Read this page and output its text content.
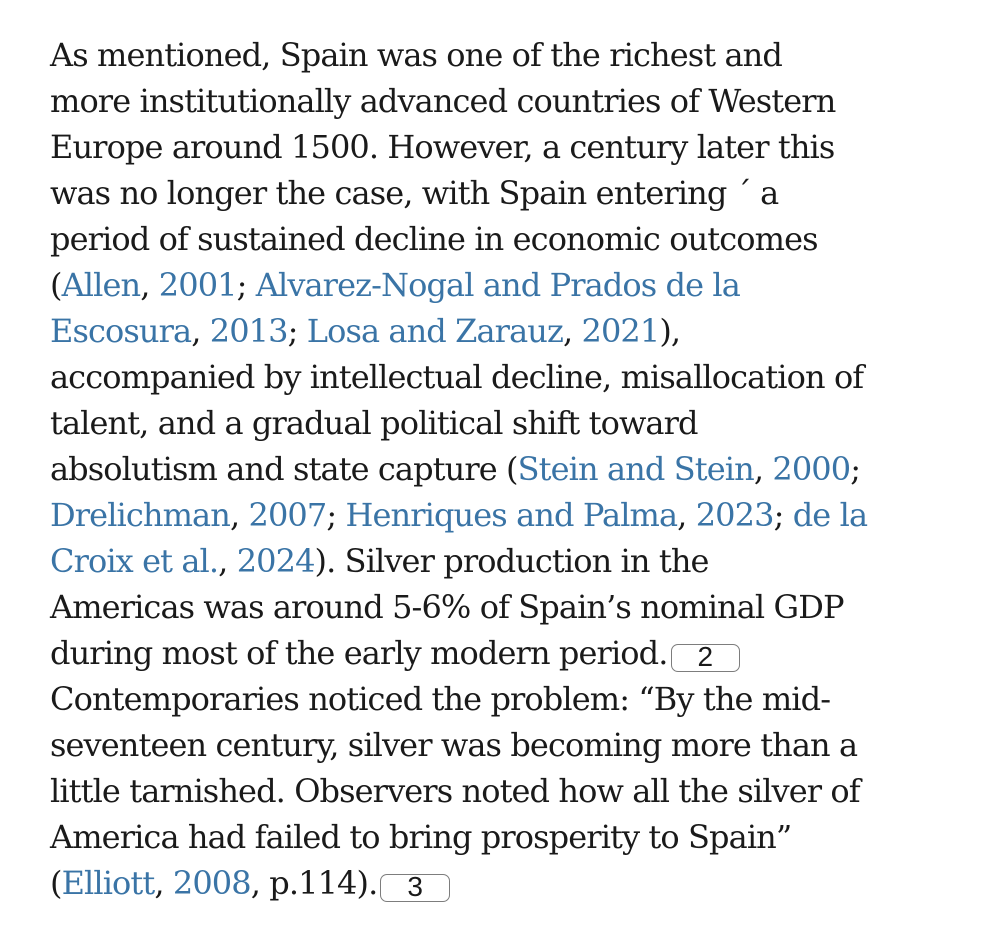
As mentioned, Spain was one of the richest and
more institutionally advanced countries of Western
Europe around 1500. However, a century later this
was no longer the case, with Spain entering ´ a
period of sustained decline in economic outcomes
(Allen, 2001; Alvarez-Nogal and Prados de la
Escosura, 2013; Losa and Zarauz, 2021),
accompanied by intellectual decline, misallocation of
talent, and a gradual political shift toward
absolutism and state capture (Stein and Stein, 2000;
Drelichman, 2007; Henriques and Palma, 2023; de la
Croix et al., 2024). Silver production in the
Americas was around 5-6% of Spain’s nominal GDP
during most of the early modern period. 2
Contemporaries noticed the problem: “By the mid-
seventeen century, silver was becoming more than a
little tarnished. Observers noted how all the silver of
America had failed to bring prosperity to Spain”
(Elliott, 2008, p.114). 3
